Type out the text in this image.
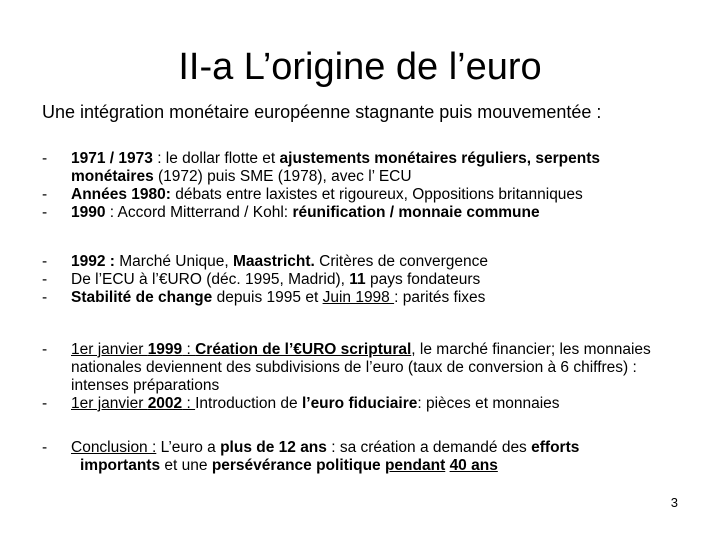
II-a L’origine de l’euro
Une intégration monétaire européenne stagnante puis mouvementée :
- 1971 / 1973 : le dollar flotte et ajustements monétaires réguliers, serpents monétaires (1972) puis SME (1978), avec l’ ECU
- Années 1980: débats entre laxistes et rigoureux, Oppositions britanniques
- 1990 : Accord Mitterrand / Kohl: réunification / monnaie commune
- 1992 : Marché Unique, Maastricht. Critères de convergence
- De l’ECU à l’€URO (déc. 1995, Madrid), 11 pays fondateurs
- Stabilité de change depuis 1995 et Juin 1998 : parités fixes
- 1er janvier 1999 : Création de l’€URO scriptural, le marché financier; les monnaies nationales deviennent des subdivisions de l’euro (taux de conversion à 6 chiffres) : intenses préparations
- 1er janvier 2002 : Introduction de l’euro fiduciaire: pièces et monnaies
- Conclusion : L’euro a plus de 12 ans : sa création a demandé des efforts
importants et une persévérance politique pendant 40 ans
3
